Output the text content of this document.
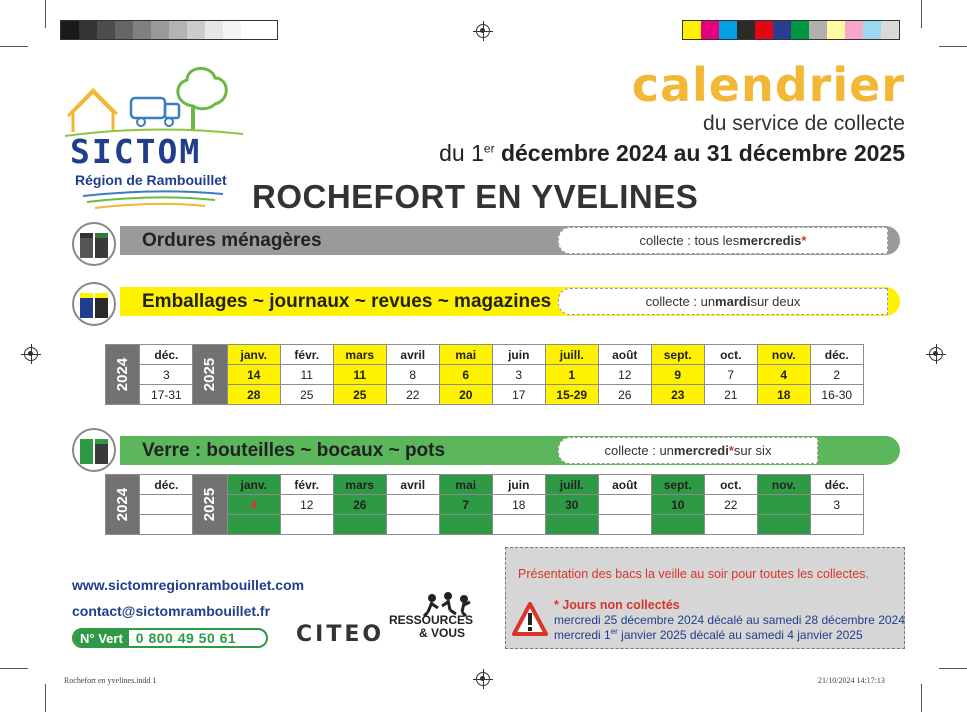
SICTOM
Région de Rambouillet
calendrier
du service de collecte
du 1er décembre 2024 au 31 décembre 2025
ROCHEFORT EN YVELINES
Ordures ménagères	collecte : tous les mercredis *
Emballages ~ journaux ~ revues ~ magazines	collecte : un mardi sur deux
2024	déc.	2025	janv.	févr.	mars	avril	mai	juin	juill.	août	sept.	oct.	nov.	déc.
	3		14	11	11	8	6	3	1	12	9	7	4	2
	17-31		28	25	25	22	20	17	15-29	26	23	21	18	16-30
Verre : bouteilles ~ bocaux ~ pots	collecte : un mercredi * sur six
2024	déc.	2025	janv.	févr.	mars	avril	mai	juin	juill.	août	sept.	oct.	nov.	déc.
			4	12	26		7	18	30		10	22		3

www.sictomregionrambouillet.com
contact@sictomrambouillet.fr
N° Vert 0 800 49 50 61	CITEO
RESSOURCES
& VOUS
Présentation des bacs la veille au soir pour toutes les collectes.
* Jours non collectés
mercredi 25 décembre 2024 décalé au samedi 28 décembre 2024
mercredi 1er janvier 2025 décalé au samedi 4 janvier 2025
Rochefort en yvelines.indd 1	21/10/2024 14:17:13
